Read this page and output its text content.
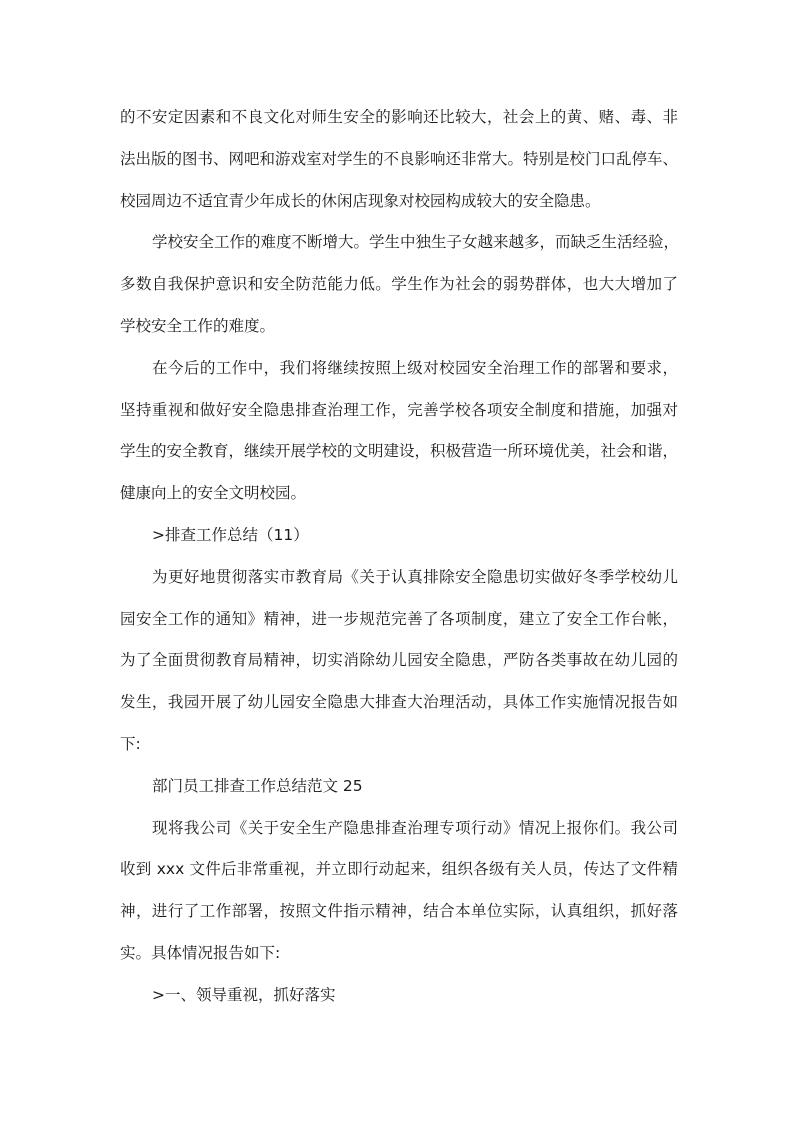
的不安定因素和不良文化对师生安全的影响还比较大，社会上的黄、赌、毒、非
法出版的图书、网吧和游戏室对学生的不良影响还非常大。特别是校门口乱停车、
校园周边不适宜青少年成长的休闲店现象对校园构成较大的安全隐患。
学校安全工作的难度不断增大。学生中独生子女越来越多，而缺乏生活经验，
多数自我保护意识和安全防范能力低。学生作为社会的弱势群体，也大大增加了
学校安全工作的难度。
在今后的工作中，我们将继续按照上级对校园安全治理工作的部署和要求，
坚持重视和做好安全隐患排查治理工作，完善学校各项安全制度和措施，加强对
学生的安全教育，继续开展学校的文明建设，积极营造一所环境优美，社会和谐，
健康向上的安全文明校园。
>排查工作总结（11）
为更好地贯彻落实市教育局《关于认真排除安全隐患切实做好冬季学校幼儿
园安全工作的通知》精神，进一步规范完善了各项制度，建立了安全工作台帐，
为了全面贯彻教育局精神，切实消除幼儿园安全隐患，严防各类事故在幼儿园的
发生，我园开展了幼儿园安全隐患大排查大治理活动，具体工作实施情况报告如
下:
部门员工排查工作总结范文 25
现将我公司《关于安全生产隐患排查治理专项行动》情况上报你们。我公司
收到 xxx 文件后非常重视，并立即行动起来，组织各级有关人员，传达了文件精
神，进行了工作部署，按照文件指示精神，结合本单位实际，认真组织，抓好落
实。具体情况报告如下:
>一、领导重视，抓好落实
